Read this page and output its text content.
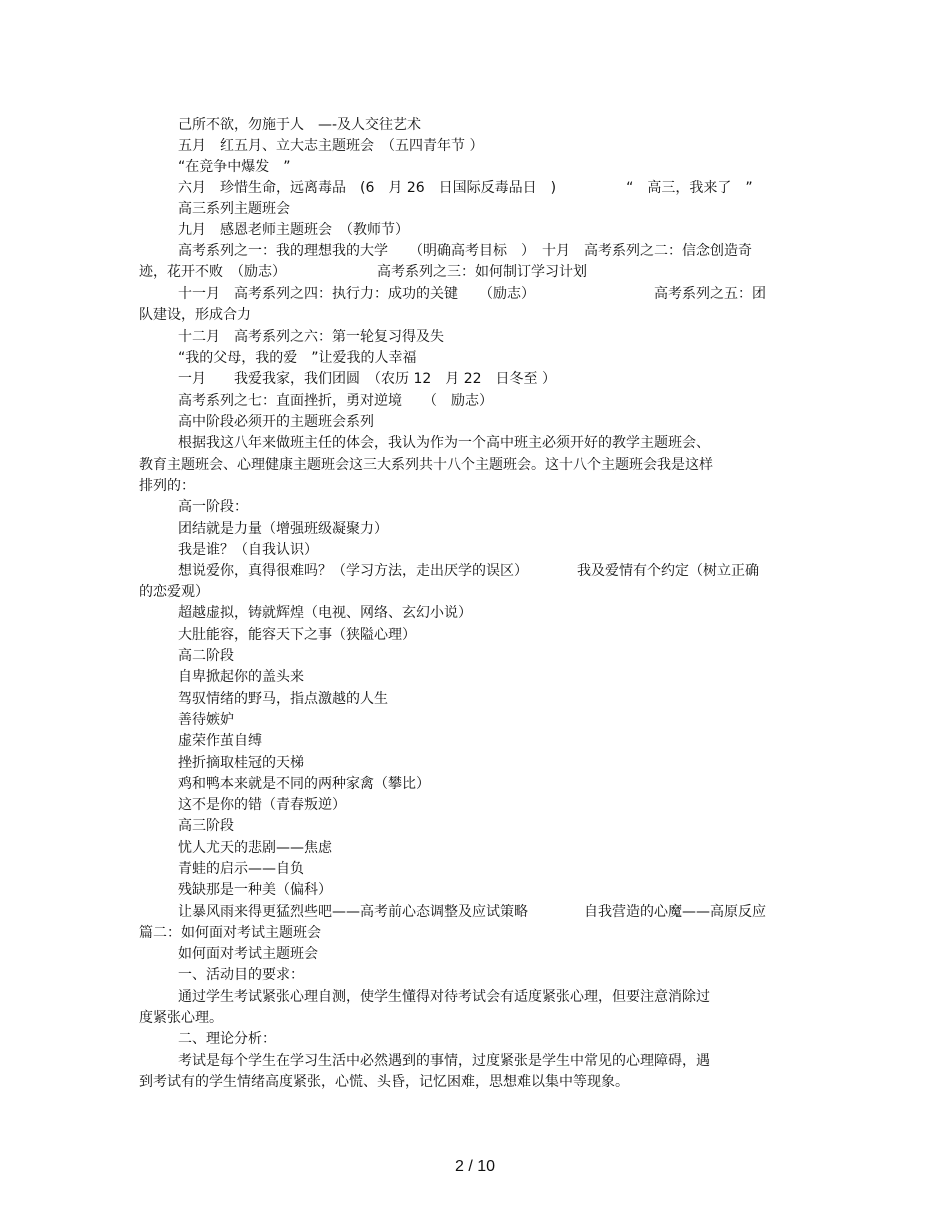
己所不欲，勿施于人　—-及人交往艺术
五月　红五月、立大志主题班会　（五四青年节 ）
“在竞争中爆发　”
六月　珍惜生命，远离毒品　(6　月 26　日国际反毒品日　)　　　　　“　高三，我来了　”
高三系列主题班会
九月　感恩老师主题班会　（教师节）
高考系列之一：我的理想我的大学　　（明确高考目标　）　十月　高考系列之二：信念创造奇
迹，花开不败　（励志）　　　　　　　高考系列之三：如何制订学习计划
十一月　高考系列之四：执行力：成功的关键　　（励志）　　　　　　　　　高考系列之五：团
队建设，形成合力
十二月　高考系列之六：第一轮复习得及失
“我的父母，我的爱　”让爱我的人幸福
一月　　我爱我家，我们团圆　（农历 12　月 22　日冬至 ）
高考系列之七：直面挫折，勇对逆境　　（　励志）
高中阶段必须开的主题班会系列
根据我这八年来做班主任的体会，我认为作为一个高中班主必须开好的教学主题班会、
教育主题班会、心理健康主题班会这三大系列共十八个主题班会。这十八个主题班会我是这样
排列的：
高一阶段：
团结就是力量（增强班级凝聚力）
我是谁？（自我认识）
想说爱你，真得很难吗？（学习方法，走出厌学的误区）　　　　我及爱情有个约定（树立正确
的恋爱观）
超越虚拟，铸就辉煌（电视、网络、玄幻小说）
大肚能容，能容天下之事（狭隘心理）
高二阶段
自卑掀起你的盖头来
驾驭情绪的野马，指点激越的人生
善待嫉妒
虚荣作茧自缚
挫折摘取桂冠的天梯
鸡和鸭本来就是不同的两种家禽（攀比）
这不是你的错（青春叛逆）
高三阶段
忧人尤天的悲剧——焦虑
青蛙的启示——自负
残缺那是一种美（偏科）
让暴风雨来得更猛烈些吧——高考前心态调整及应试策略　　　　自我营造的心魔——高原反应
篇二：如何面对考试主题班会
如何面对考试主题班会
一、活动目的要求：
通过学生考试紧张心理自测，使学生懂得对待考试会有适度紧张心理，但要注意消除过
度紧张心理。
二、理论分析：
考试是每个学生在学习生活中必然遇到的事情，过度紧张是学生中常见的心理障碍，遇
到考试有的学生情绪高度紧张，心慌、头昏，记忆困难，思想难以集中等现象。
2 / 10
